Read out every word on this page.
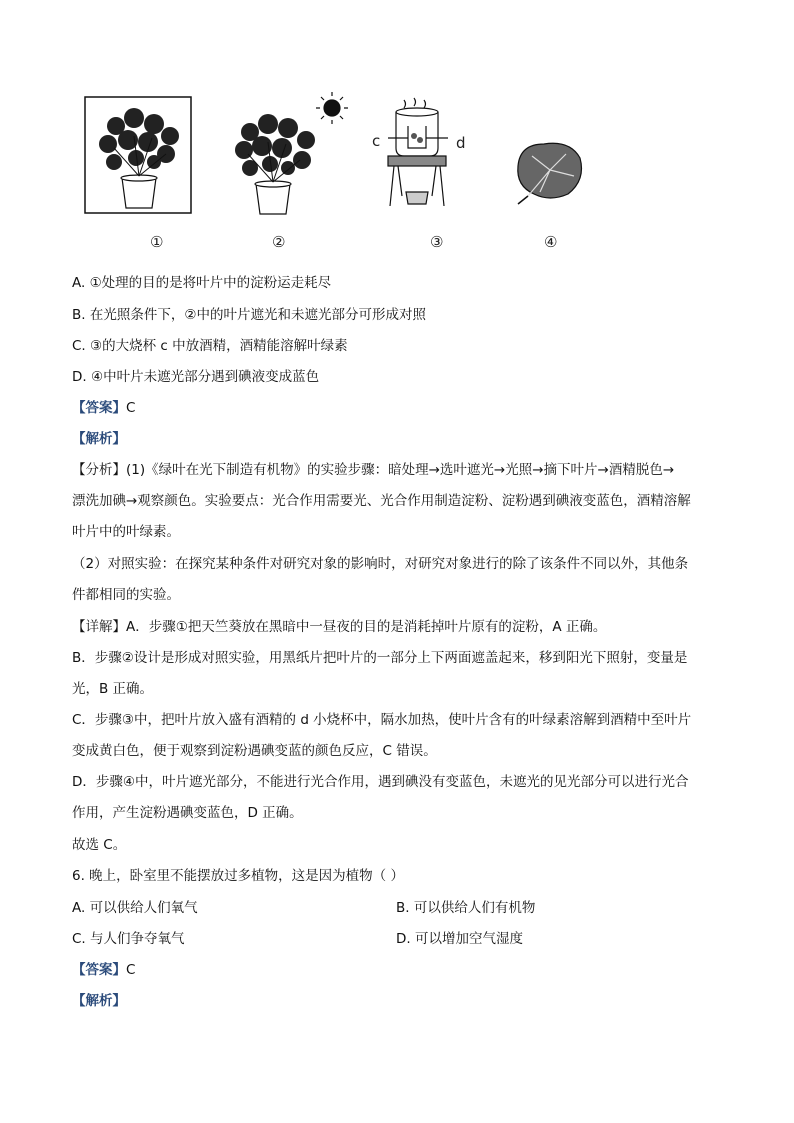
c	d
①	②	③	④
A. ①处理的目的是将叶片中的淀粉运走耗尽
B. 在光照条件下，②中的叶片遮光和未遮光部分可形成对照
C. ③的大烧杯 c 中放酒精，酒精能溶解叶绿素
D. ④中叶片未遮光部分遇到碘液变成蓝色
【答案】C
【解析】
【分析】(1)《绿叶在光下制造有机物》的实验步骤：暗处理→选叶遮光→光照→摘下叶片→酒精脱色→
漂洗加碘→观察颜色。实验要点：光合作用需要光、光合作用制造淀粉、淀粉遇到碘液变蓝色，酒精溶解
叶片中的叶绿素。
（2）对照实验：在探究某种条件对研究对象的影响时，对研究对象进行的除了该条件不同以外，其他条
件都相同的实验。
【详解】A．步骤①把天竺葵放在黑暗中一昼夜的目的是消耗掉叶片原有的淀粉，A 正确。
B．步骤②设计是形成对照实验，用黑纸片把叶片的一部分上下两面遮盖起来，移到阳光下照射，变量是
光，B 正确。
C．步骤③中，把叶片放入盛有酒精的 d 小烧杯中，隔水加热，使叶片含有的叶绿素溶解到酒精中至叶片
变成黄白色，便于观察到淀粉遇碘变蓝的颜色反应，C 错误。
D．步骤④中，叶片遮光部分，不能进行光合作用，遇到碘没有变蓝色，未遮光的见光部分可以进行光合
作用，产生淀粉遇碘变蓝色，D 正确。
故选 C。
6. 晚上，卧室里不能摆放过多植物，这是因为植物（ ）
A. 可以供给人们氧气	B. 可以供给人们有机物
C. 与人们争夺氧气	D. 可以增加空气湿度
【答案】C
【解析】
